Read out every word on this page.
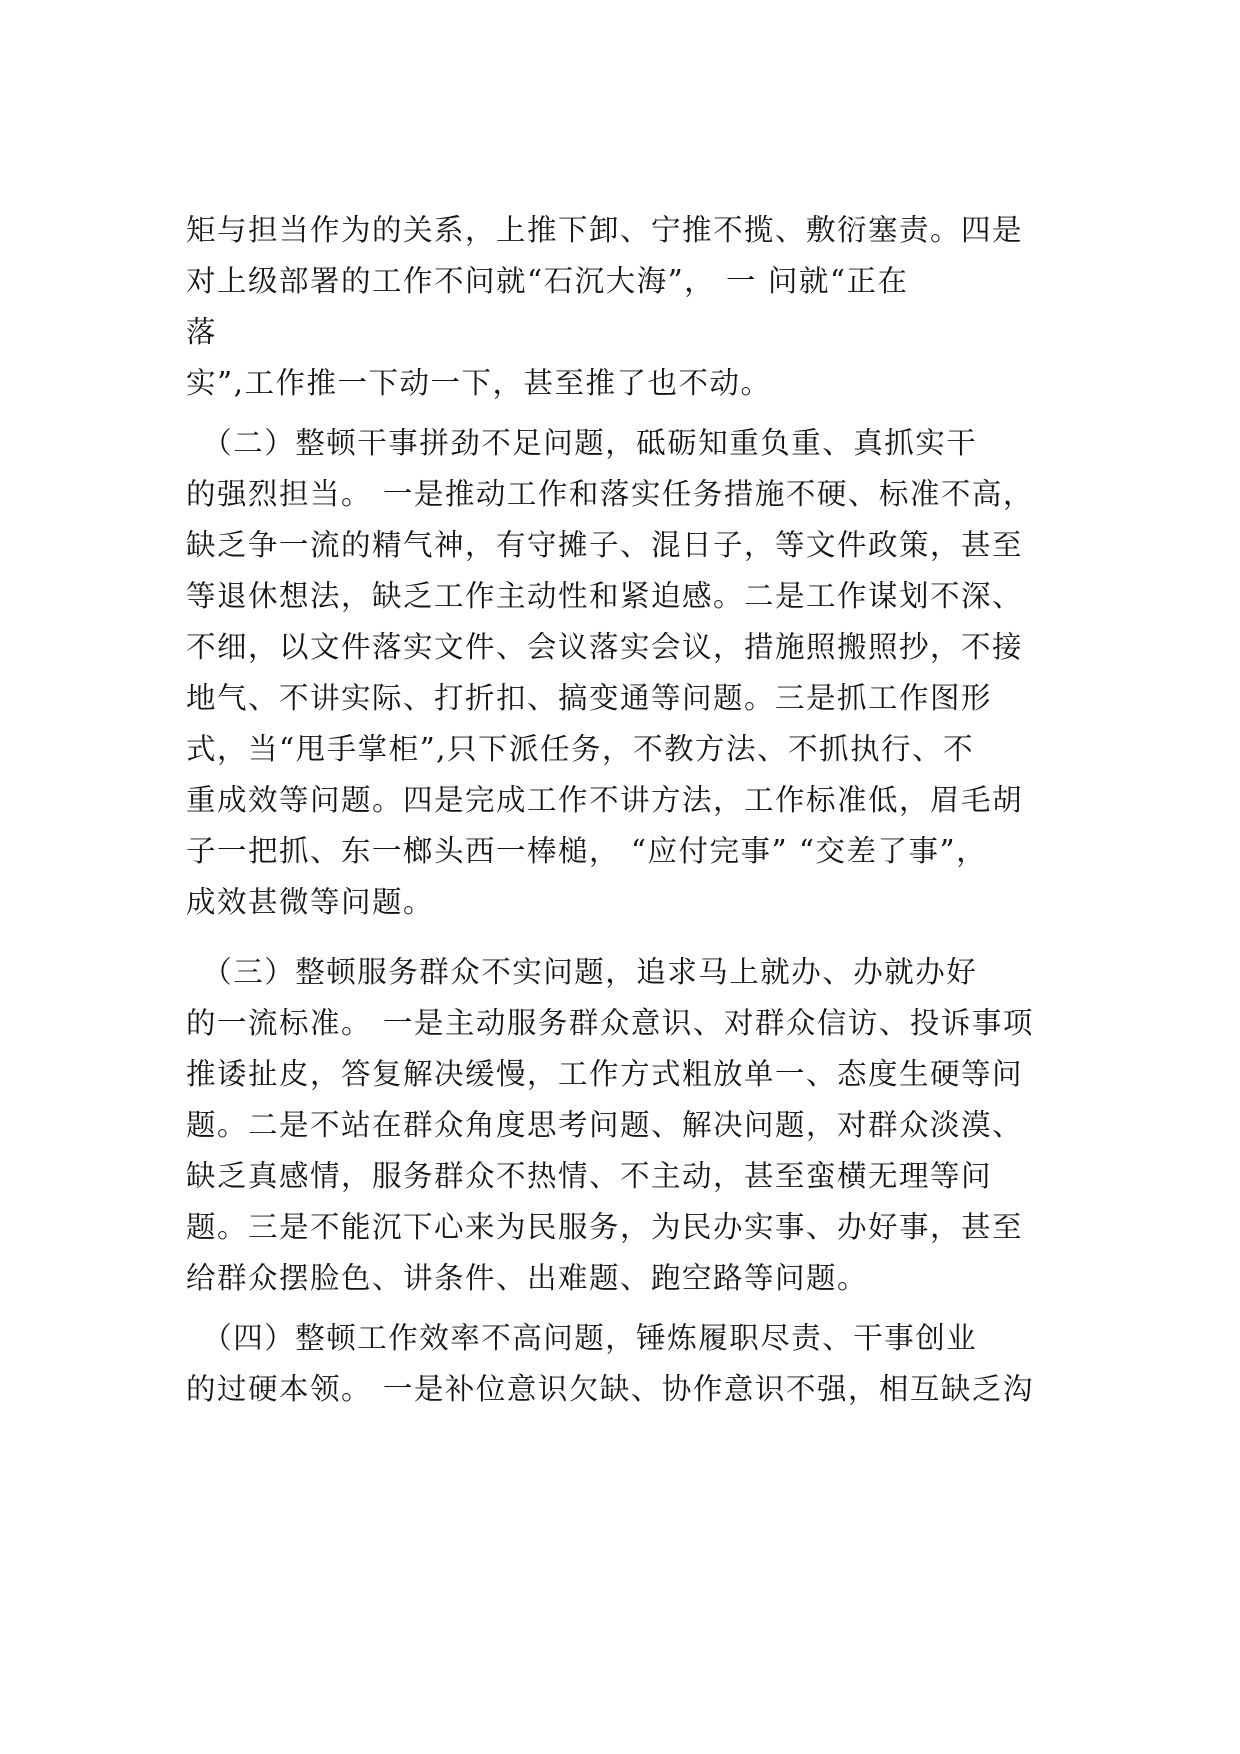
矩与担当作为的关系，上推下卸、宁推不揽、敷衍塞责。四是
对上级部署的工作不问就“石沉大海”， 一 问就“正在
落
实”,工作推一下动一下，甚至推了也不动。
　（二）整顿干事拼劲不足问题，砥砺知重负重、真抓实干
的强烈担当。 一是推动工作和落实任务措施不硬、标准不高，
缺乏争一流的精气神，有守摊子、混日子，等文件政策，甚至
等退休想法，缺乏工作主动性和紧迫感。二是工作谋划不深、
不细，以文件落实文件、会议落实会议，措施照搬照抄，不接
地气、不讲实际、打折扣、搞变通等问题。三是抓工作图形
式，当“甩手掌柜”,只下派任务，不教方法、不抓执行、不
重成效等问题。四是完成工作不讲方法，工作标准低，眉毛胡
子一把抓、东一榔头西一棒槌， “应付完事” “交差了事”，
成效甚微等问题。
　（三）整顿服务群众不实问题，追求马上就办、办就办好
的一流标准。 一是主动服务群众意识、对群众信访、投诉事项
推诿扯皮，答复解决缓慢，工作方式粗放单一、态度生硬等问
题。二是不站在群众角度思考问题、解决问题，对群众淡漠、
缺乏真感情，服务群众不热情、不主动，甚至蛮横无理等问
题。三是不能沉下心来为民服务，为民办实事、办好事，甚至
给群众摆脸色、讲条件、出难题、跑空路等问题。
　（四）整顿工作效率不高问题，锤炼履职尽责、干事创业
的过硬本领。 一是补位意识欠缺、协作意识不强，相互缺乏沟
